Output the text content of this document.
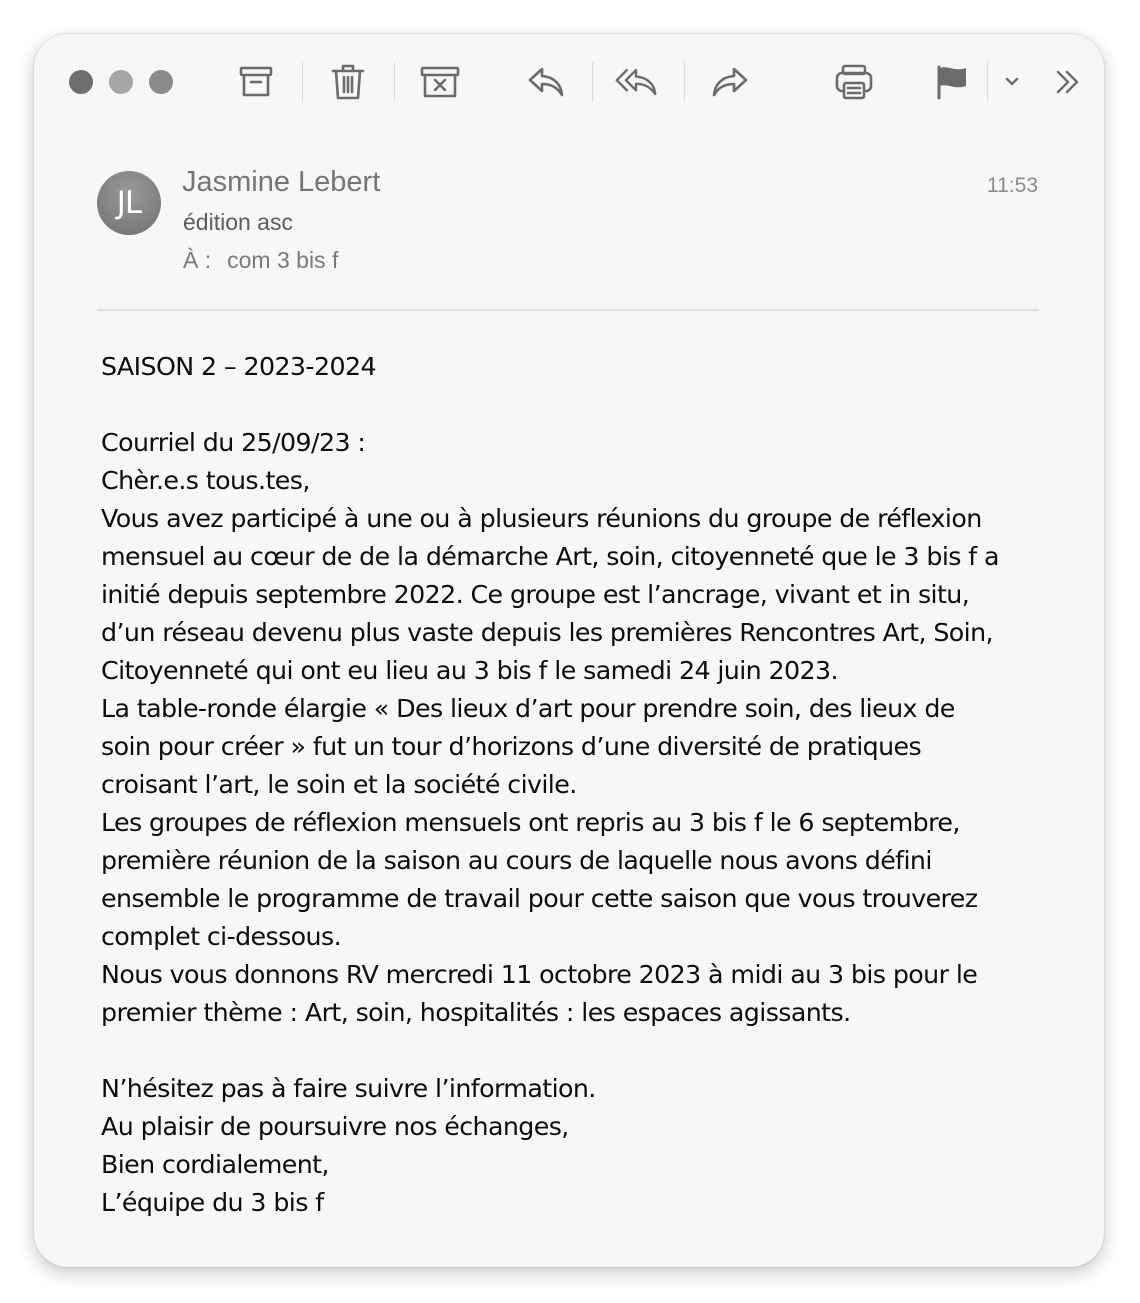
JL
Jasmine Lebert
édition asc
À : com 3 bis f
11:53
SAISON 2 – 2023-2024
Courriel du 25/09/23 :
Chèr.e.s tous.tes,
Vous avez participé à une ou à plusieurs réunions du groupe de réflexion
mensuel au cœur de de la démarche Art, soin, citoyenneté que le 3 bis f a
initié depuis septembre 2022. Ce groupe est l’ancrage, vivant et in situ,
d’un réseau devenu plus vaste depuis les premières Rencontres Art, Soin,
Citoyenneté qui ont eu lieu au 3 bis f le samedi 24 juin 2023.
La table-ronde élargie « Des lieux d’art pour prendre soin, des lieux de
soin pour créer » fut un tour d’horizons d’une diversité de pratiques
croisant l’art, le soin et la société civile.
Les groupes de réflexion mensuels ont repris au 3 bis f le 6 septembre,
première réunion de la saison au cours de laquelle nous avons défini
ensemble le programme de travail pour cette saison que vous trouverez
complet ci-dessous.
Nous vous donnons RV mercredi 11 octobre 2023 à midi au 3 bis pour le
premier thème : Art, soin, hospitalités : les espaces agissants.
N’hésitez pas à faire suivre l’information.
Au plaisir de poursuivre nos échanges,
Bien cordialement,
L’équipe du 3 bis f
